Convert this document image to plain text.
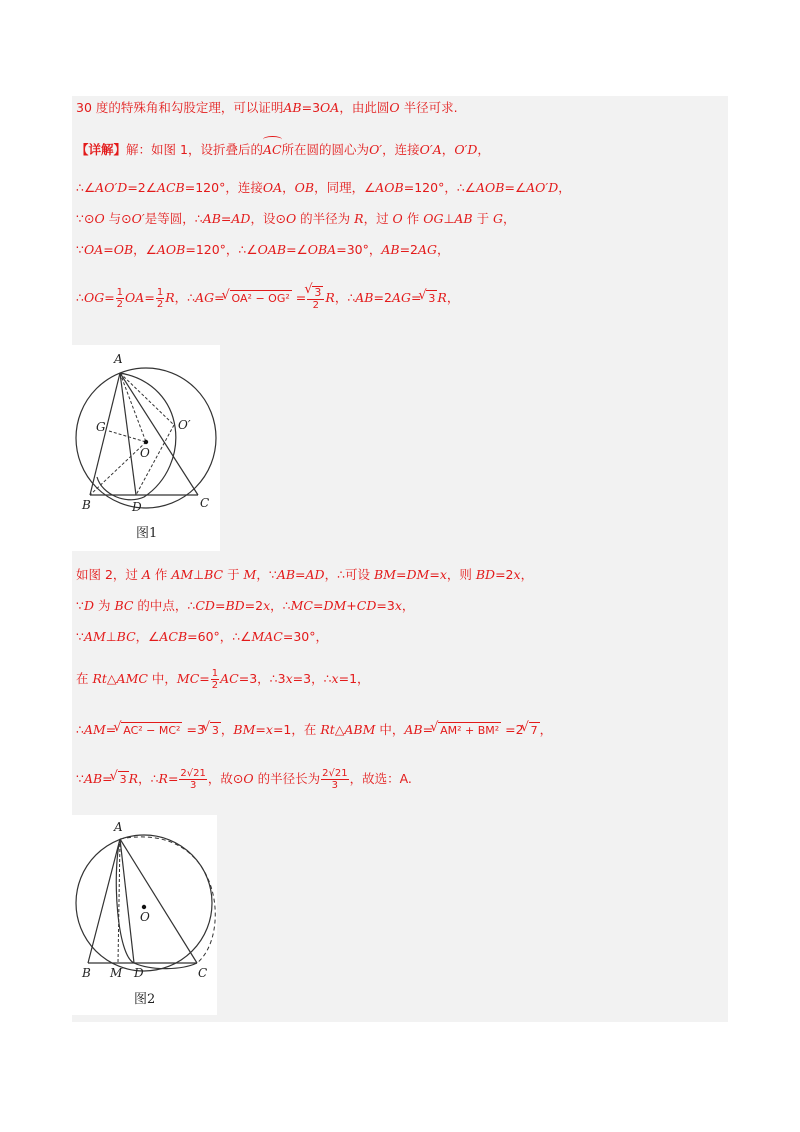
30 度的特殊角和勾股定理，可以证明AB=3OA，由此圆O 半径可求.
【详解】解：如图 1，设折叠后的AC所在圆的圆心为O′，连接O′A，O′D，
∴∠AO′D=2∠ACB=120°，连接OA，OB，同理，∠AOB=120°，∴∠AOB=∠AO′D，
∵⊙O 与⊙O′是等圆，∴AB=AD，设⊙O 的半径为 R，过 O 作 OG⊥AB 于 G，
∵OA=OB，∠AOB=120°，∴∠OAB=∠OBA=30°，AB=2AG，
∴OG= $\frac{1}{2} OA= \frac{1}{2}$ R，∴AG= √ OA² − OG² = √ $\frac{3}{2}$ R，∴AB=2AG= √ 3 R，
A
B	C
D
G
O
O′
图1
如图 2，过 A 作 AM⊥BC 于 M，∵AB=AD，∴可设 BM=DM=x，则 BD=2x，
∵D 为 BC 的中点，∴CD=BD=2x，∴MC=DM+CD=3x，
∵AM⊥BC，∠ACB=60°，∴∠MAC=30°，
在 Rt△AMC 中，$MC= \frac{1}{2} AC=3$，∴3x=3，∴x=1，
∴AM= √ AC² − MC² =3 √ 3 ，BM=x=1，在 Rt△ABM 中，AB= √ AM² + BM² =2 √ 7 ，
∵AB= √ 3 R，∴R= $\frac{2√21}{3}$ ，故⊙O 的半径长为 $\frac{2√21}{3}$ ，故选：A.
A
B	C
D
M
O
图2
